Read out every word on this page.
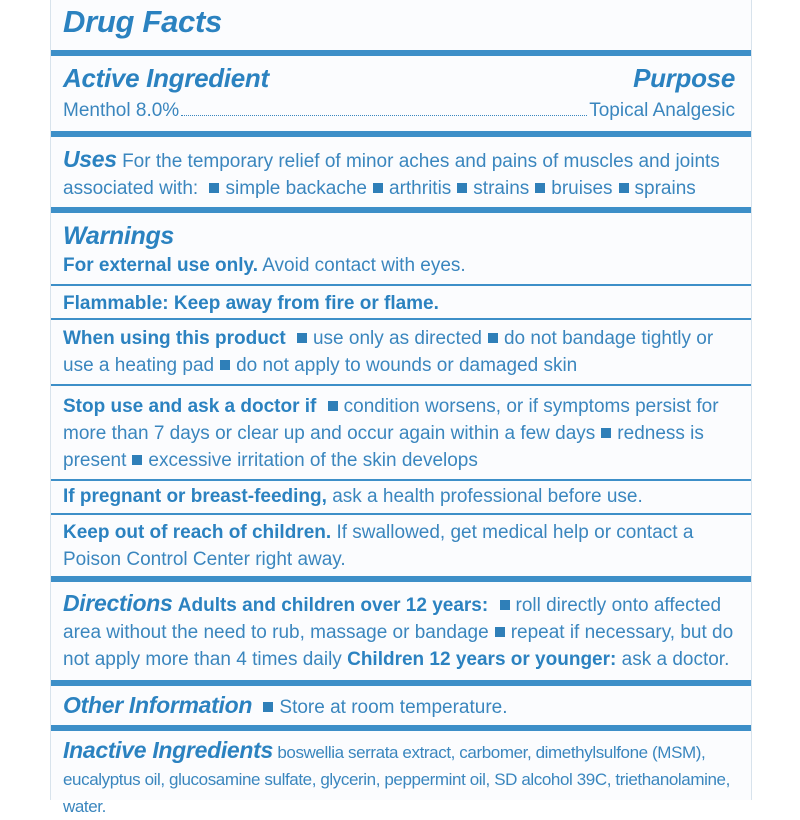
Drug Facts
Active Ingredient	Purpose
Menthol 8.0%	Topical Analgesic
Uses For the temporary relief of minor aches and pains of muscles and joints associated with: simple backache arthritis strains bruises sprains
Warnings
For external use only. Avoid contact with eyes.
Flammable: Keep away from fire or flame.
When using this product use only as directed do not bandage tightly or use a heating pad do not apply to wounds or damaged skin
Stop use and ask a doctor if condition worsens, or if symptoms persist for more than 7 days or clear up and occur again within a few days redness is present excessive irritation of the skin develops
If pregnant or breast-feeding, ask a health professional before use.
Keep out of reach of children. If swallowed, get medical help or contact a Poison Control Center right away.
Directions Adults and children over 12 years: roll directly onto affected area without the need to rub, massage or bandage repeat if necessary, but do not apply more than 4 times daily Children 12 years or younger: ask a doctor.
Other Information Store at room temperature.
Inactive Ingredients boswellia serrata extract, carbomer, dimethylsulfone (MSM), eucalyptus oil, glucosamine sulfate, glycerin, peppermint oil, SD alcohol 39C, triethanolamine, water.
